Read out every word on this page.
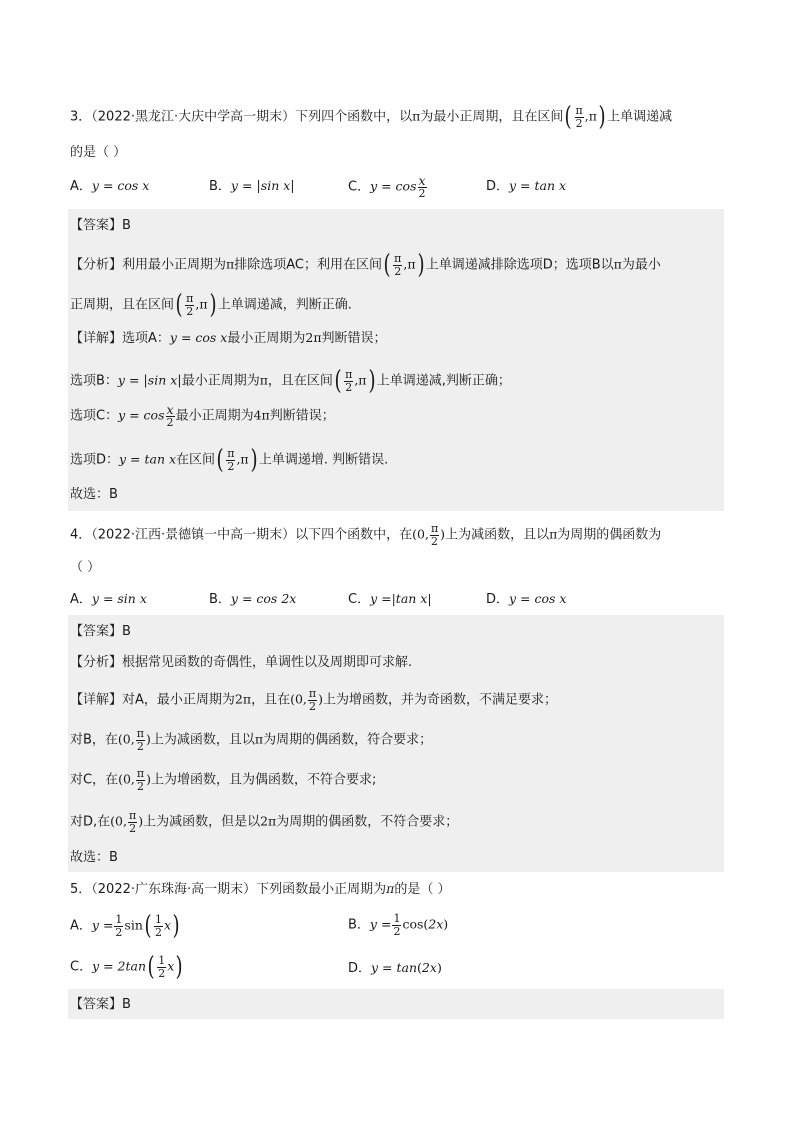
3．（2022·黑龙江·大庆中学高一期末）下列四个函数中，以π为最小正周期，且在区间( $\frac{\pi}{2} ,\pi$) 上单调递减
的是（ ）
A．y = cos x	B．y = |sin x|	C．$y = \cos \frac{x}{2}$	D．y = tan x
【答案】B
【分析】利用最小正周期为π排除选项AC；利用在区间( $\frac{\pi}{2} ,\pi$) 上单调递减排除选项D；选项B以π为最小
正周期，且在区间( $\frac{\pi}{2} ,\pi$) 上单调递减，判断正确.
【详解】选项A：y = cos x最小正周期为2π判断错误；
选项B：y = |sin x|最小正周期为π，且在区间( $\frac{\pi}{2} ,\pi$) 上单调递减,判断正确；
选项C：$y = \cos \frac{x}{2}$ 最小正周期为4π判断错误；
选项D：y = tan x在区间( $\frac{\pi}{2} ,\pi$) 上单调递增. 判断错误.
故选：B
4．（2022·江西·景德镇一中高一期末）以下四个函数中，在(0, $\frac{\pi}{2}$ )上为减函数，且以π为周期的偶函数为
（ ）
A．y = sin x	B．y = cos 2x	C．y =|tan x|	D．y = cos x
【答案】B
【分析】根据常见函数的奇偶性，单调性以及周期即可求解.
【详解】对A，最小正周期为2π，且在(0, $\frac{\pi}{2}$ )上为增函数，并为奇函数，不满足要求；
对B，在(0, $\frac{\pi}{2}$ )上为减函数，且以π为周期的偶函数，符合要求；
对C，在(0, $\frac{\pi}{2}$ )上为增函数，且为偶函数，不符合要求;
对D,在(0, $\frac{\pi}{2}$ )上为减函数，但是以2π为周期的偶函数，不符合要求；
故选：B
5．（2022·广东珠海·高一期末）下列函数最小正周期为π的是（ ）
A．$y = \frac{1}{2} \sin( \frac{1}{2} x)$	B．$y = \frac{1}{2} \cos(2x)$
C．$y = 2\tan( \frac{1}{2} x)$	D．y = tan(2x)
【答案】B
